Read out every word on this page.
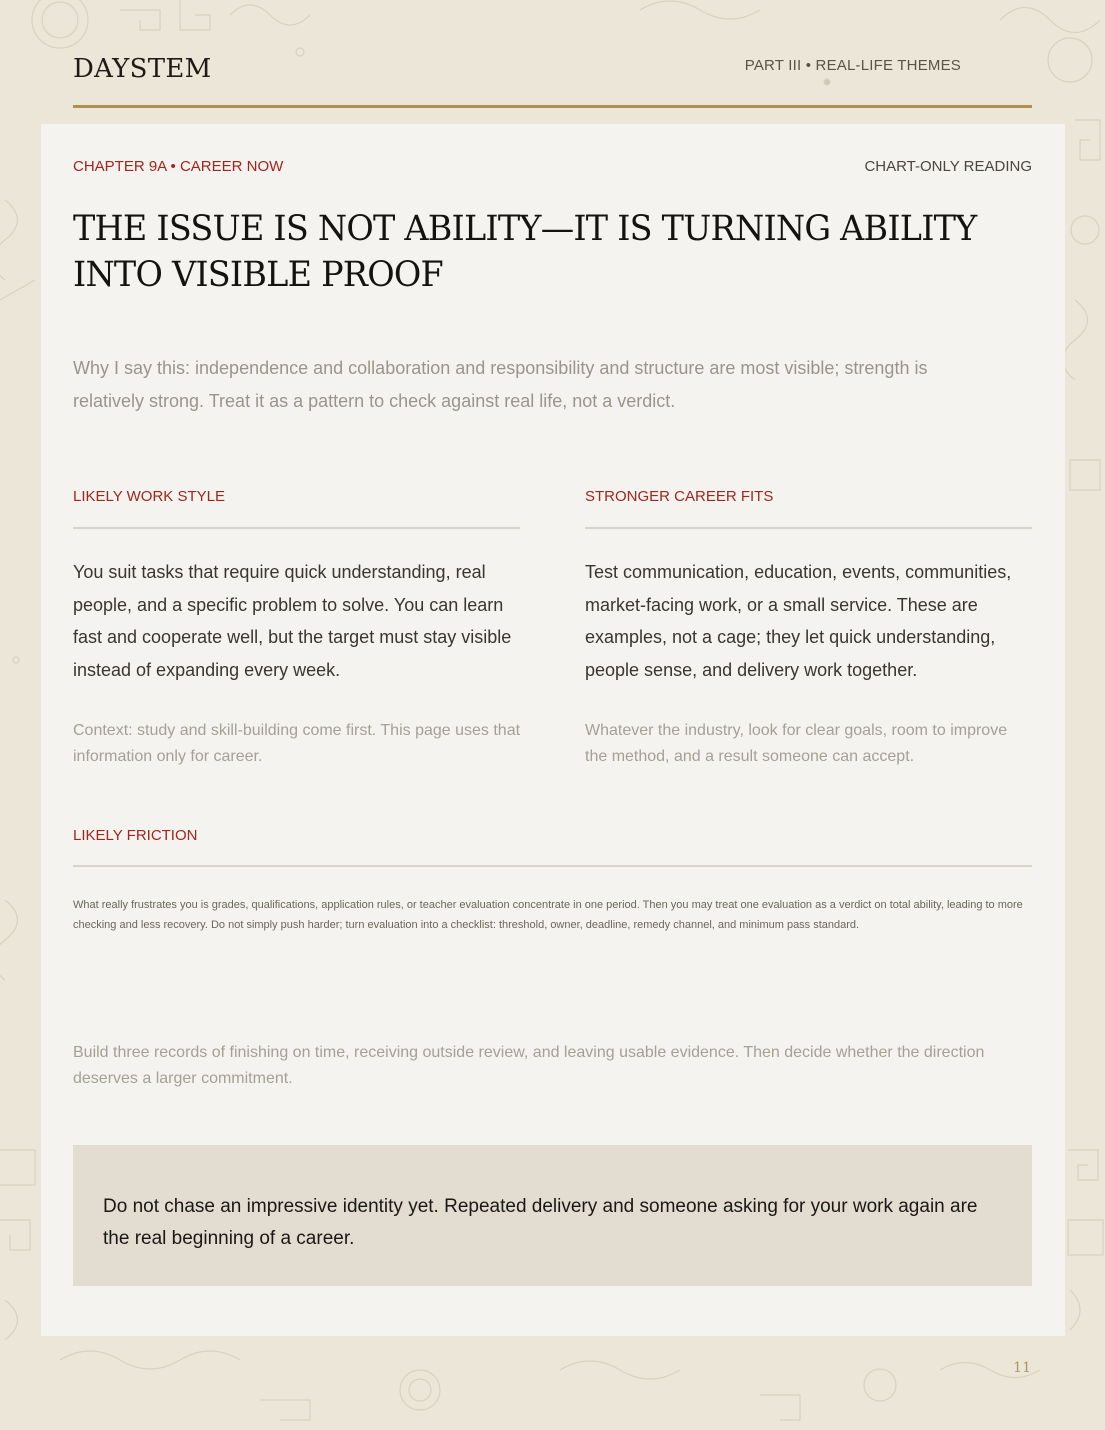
DAYSTEM	PART III • REAL-LIFE THEMES
CHAPTER 9A • CAREER NOW	CHART-ONLY READING
THE ISSUE IS NOT ABILITY—IT IS TURNING ABILITY INTO VISIBLE PROOF
Why I say this: independence and collaboration and responsibility and structure are most visible; strength is relatively strong. Treat it as a pattern to check against real life, not a verdict.
LIKELY WORK STYLE
You suit tasks that require quick understanding, real people, and a specific problem to solve. You can learn fast and cooperate well, but the target must stay visible instead of expanding every week.
Context: study and skill-building come first. This page uses that information only for career.
STRONGER CAREER FITS
Test communication, education, events, communities, market-facing work, or a small service. These are examples, not a cage; they let quick understanding, people sense, and delivery work together.
Whatever the industry, look for clear goals, room to improve the method, and a result someone can accept.
LIKELY FRICTION
What really frustrates you is grades, qualifications, application rules, or teacher evaluation concentrate in one period. Then you may treat one evaluation as a verdict on total ability, leading to more checking and less recovery. Do not simply push harder; turn evaluation into a checklist: threshold, owner, deadline, remedy channel, and minimum pass standard.
Build three records of finishing on time, receiving outside review, and leaving usable evidence. Then decide whether the direction deserves a larger commitment.
Do not chase an impressive identity yet. Repeated delivery and someone asking for your work again are the real beginning of a career.
11
